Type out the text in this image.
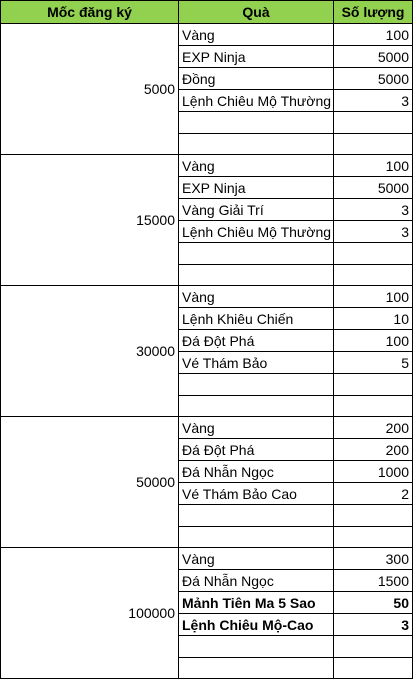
Mốc đăng ký	Quà	Số lượng
5000	Vàng	100
	EXP Ninja	5000
	Đồng	5000
	Lệnh Chiêu Mộ Thường	3

15000	Vàng	100
	EXP Ninja	5000
	Vàng Giải Trí	3
	Lệnh Chiêu Mộ Thường	3

30000	Vàng	100
	Lệnh Khiêu Chiến	10
	Đá Đột Phá	100
	Vé Thám Bảo	5

50000	Vàng	200
	Đá Đột Phá	200
	Đá Nhẫn Ngọc	1000
	Vé Thám Bảo Cao	2

100000	Vàng	300
	Đá Nhẫn Ngọc	1500
	Mảnh Tiên Ma 5 Sao	50
	Lệnh Chiêu Mộ-Cao	3
